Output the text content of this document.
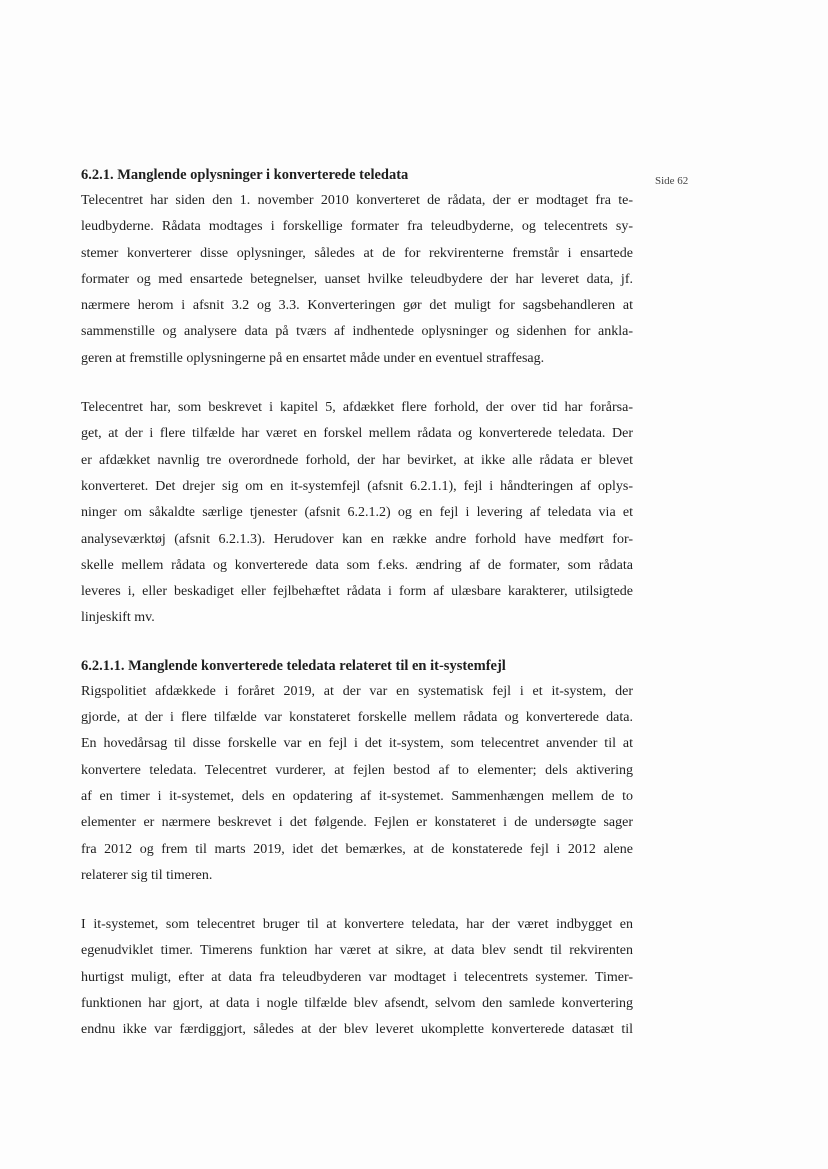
Side 62
6.2.1. Manglende oplysninger i konverterede teledata

Telecentret har siden den 1. november 2010 konverteret de rådata, der er modtaget fra te-
leudbyderne. Rådata modtages i forskellige formater fra teleudbyderne, og telecentrets sy-
stemer konverterer disse oplysninger, således at de for rekvirenterne fremstår i ensartede
formater og med ensartede betegnelser, uanset hvilke teleudbydere der har leveret data, jf.
nærmere herom i afsnit 3.2 og 3.3. Konverteringen gør det muligt for sagsbehandleren at
sammenstille og analysere data på tværs af indhentede oplysninger og sidenhen for ankla-
geren at fremstille oplysningerne på en ensartet måde under en eventuel straffesag.

Telecentret har, som beskrevet i kapitel 5, afdækket flere forhold, der over tid har forårsa-
get, at der i flere tilfælde har været en forskel mellem rådata og konverterede teledata. Der
er afdækket navnlig tre overordnede forhold, der har bevirket, at ikke alle rådata er blevet
konverteret. Det drejer sig om en it-systemfejl (afsnit 6.2.1.1), fejl i håndteringen af oplys-
ninger om såkaldte særlige tjenester (afsnit 6.2.1.2) og en fejl i levering af teledata via et
analyseværktøj (afsnit 6.2.1.3). Herudover kan en række andre forhold have medført for-
skelle mellem rådata og konverterede data som f.eks. ændring af de formater, som rådata
leveres i, eller beskadiget eller fejlbehæftet rådata i form af ulæsbare karakterer, utilsigtede
linjeskift mv.

6.2.1.1. Manglende konverterede teledata relateret til en it-systemfejl

Rigspolitiet afdækkede i foråret 2019, at der var en systematisk fejl i et it-system, der
gjorde, at der i flere tilfælde var konstateret forskelle mellem rådata og konverterede data.
En hovedårsag til disse forskelle var en fejl i det it-system, som telecentret anvender til at
konvertere teledata. Telecentret vurderer, at fejlen bestod af to elementer; dels aktivering
af en timer i it-systemet, dels en opdatering af it-systemet. Sammenhængen mellem de to
elementer er nærmere beskrevet i det følgende. Fejlen er konstateret i de undersøgte sager
fra 2012 og frem til marts 2019, idet det bemærkes, at de konstaterede fejl i 2012 alene
relaterer sig til timeren.

I it-systemet, som telecentret bruger til at konvertere teledata, har der været indbygget en
egenudviklet timer. Timerens funktion har været at sikre, at data blev sendt til rekvirenten
hurtigst muligt, efter at data fra teleudbyderen var modtaget i telecentrets systemer. Timer-
funktionen har gjort, at data i nogle tilfælde blev afsendt, selvom den samlede konvertering
endnu ikke var færdiggjort, således at der blev leveret ukomplette konverterede datasæt til
